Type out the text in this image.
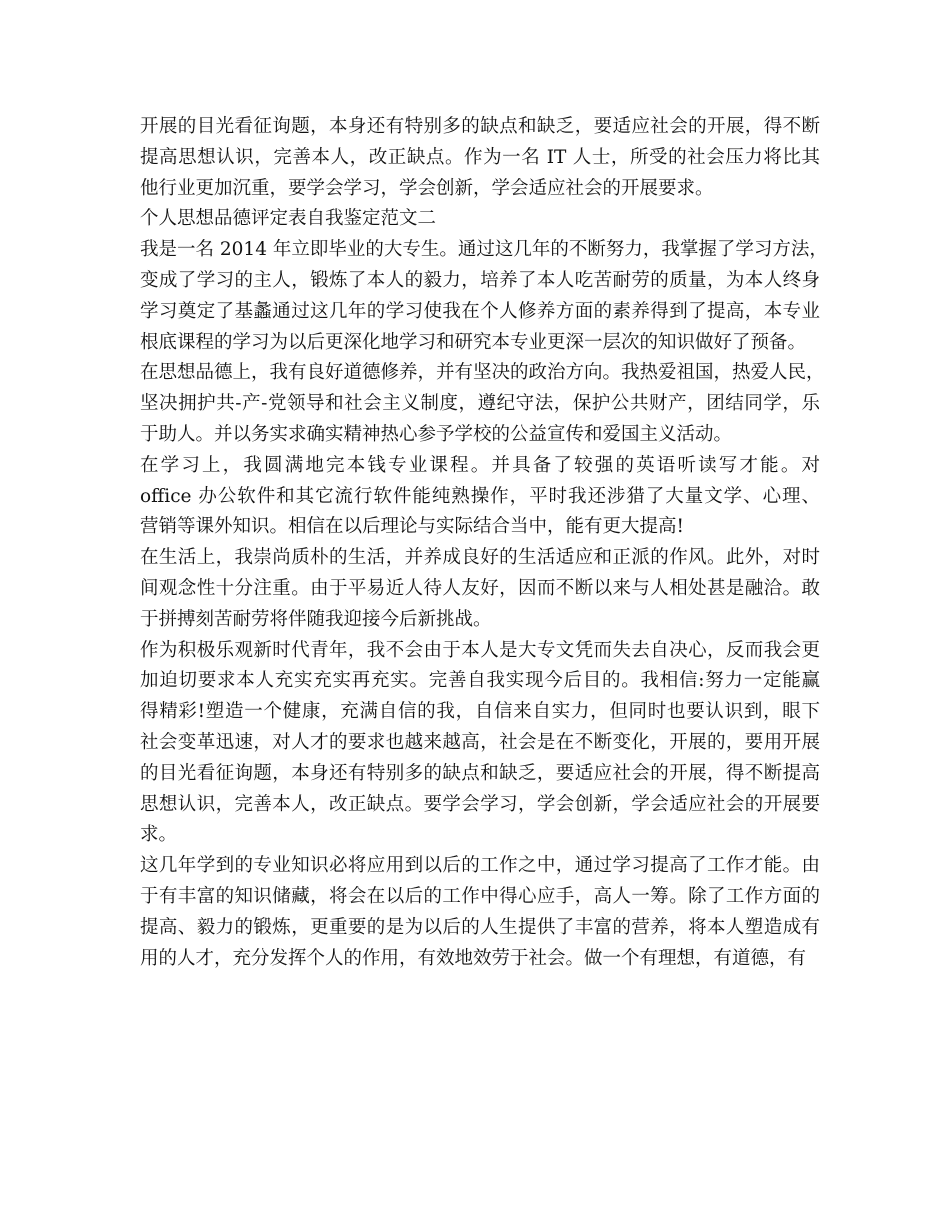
开展的目光看征询题，本身还有特别多的缺点和缺乏，要适应社会的开展，得不断
提高思想认识，完善本人，改正缺点。作为一名 IT 人士，所受的社会压力将比其
他行业更加沉重，要学会学习，学会创新，学会适应社会的开展要求。
个人思想品德评定表自我鉴定范文二
我是一名 2014 年立即毕业的大专生。通过这几年的不断努力，我掌握了学习方法，
变成了学习的主人，锻炼了本人的毅力，培养了本人吃苦耐劳的质量，为本人终身
学习奠定了基蠡通过这几年的学习使我在个人修养方面的素养得到了提高，本专业
根底课程的学习为以后更深化地学习和研究本专业更深一层次的知识做好了预备。
在思想品德上，我有良好道德修养，并有坚决的政治方向。我热爱祖国，热爱人民，
坚决拥护共-产-党领导和社会主义制度，遵纪守法，保护公共财产，团结同学，乐
于助人。并以务实求确实精神热心参予学校的公益宣传和爱国主义活动。
在学习上，我圆满地完本钱专业课程。并具备了较强的英语听读写才能。对
office 办公软件和其它流行软件能纯熟操作，平时我还涉猎了大量文学、心理、
营销等课外知识。相信在以后理论与实际结合当中，能有更大提高!
在生活上，我崇尚质朴的生活，并养成良好的生活适应和正派的作风。此外，对时
间观念性十分注重。由于平易近人待人友好，因而不断以来与人相处甚是融洽。敢
于拼搏刻苦耐劳将伴随我迎接今后新挑战。
作为积极乐观新时代青年，我不会由于本人是大专文凭而失去自决心，反而我会更
加迫切要求本人充实充实再充实。完善自我实现今后目的。我相信:努力一定能赢
得精彩!塑造一个健康，充满自信的我，自信来自实力，但同时也要认识到，眼下
社会变革迅速，对人才的要求也越来越高，社会是在不断变化，开展的，要用开展
的目光看征询题，本身还有特别多的缺点和缺乏，要适应社会的开展，得不断提高
思想认识，完善本人，改正缺点。要学会学习，学会创新，学会适应社会的开展要
求。
这几年学到的专业知识必将应用到以后的工作之中，通过学习提高了工作才能。由
于有丰富的知识储藏，将会在以后的工作中得心应手，高人一筹。除了工作方面的
提高、毅力的锻炼，更重要的是为以后的人生提供了丰富的营养，将本人塑造成有
用的人才，充分发挥个人的作用，有效地效劳于社会。做一个有理想，有道德，有
